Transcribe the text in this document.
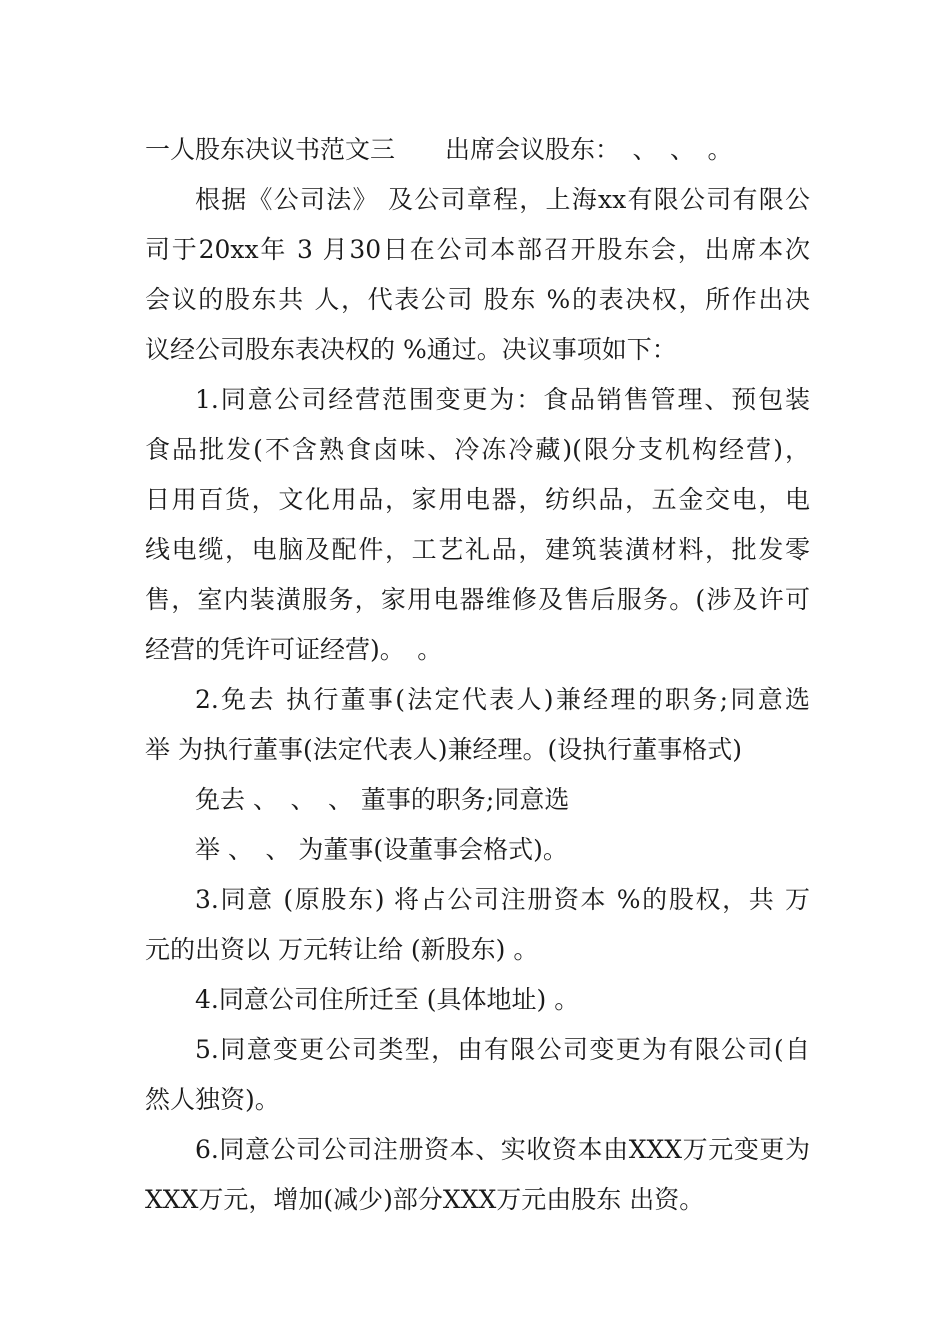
一人股东决议书范文三　　出席会议股东：　、　、　。
根据《公司法》 及公司章程，上海xx有限公司有限公
司于20xx年 3 月30日在公司本部召开股东会，出席本次
会议的股东共 人，代表公司 股东 %的表决权，所作出决
议经公司股东表决权的 %通过。决议事项如下：
1.同意公司经营范围变更为：食品销售管理、预包装
食品批发(不含熟食卤味、冷冻冷藏)(限分支机构经营)，
日用百货，文化用品，家用电器，纺织品，五金交电，电
线电缆，电脑及配件，工艺礼品，建筑装潢材料，批发零
售，室内装潢服务，家用电器维修及售后服务。(涉及许可
经营的凭许可证经营)。　。
2.免去 执行董事(法定代表人)兼经理的职务;同意选
举 为执行董事(法定代表人)兼经理。(设执行董事格式)
免去 、　、　、 董事的职务;同意选
举 、　、 为董事(设董事会格式)。
3.同意 (原股东) 将占公司注册资本 %的股权，共 万
元的出资以 万元转让给 (新股东) 。
4.同意公司住所迁至 (具体地址) 。
5.同意变更公司类型，由有限公司变更为有限公司(自
然人独资)。
6.同意公司公司注册资本、实收资本由XXX万元变更为
XXX万元，增加(减少)部分XXX万元由股东 出资。
